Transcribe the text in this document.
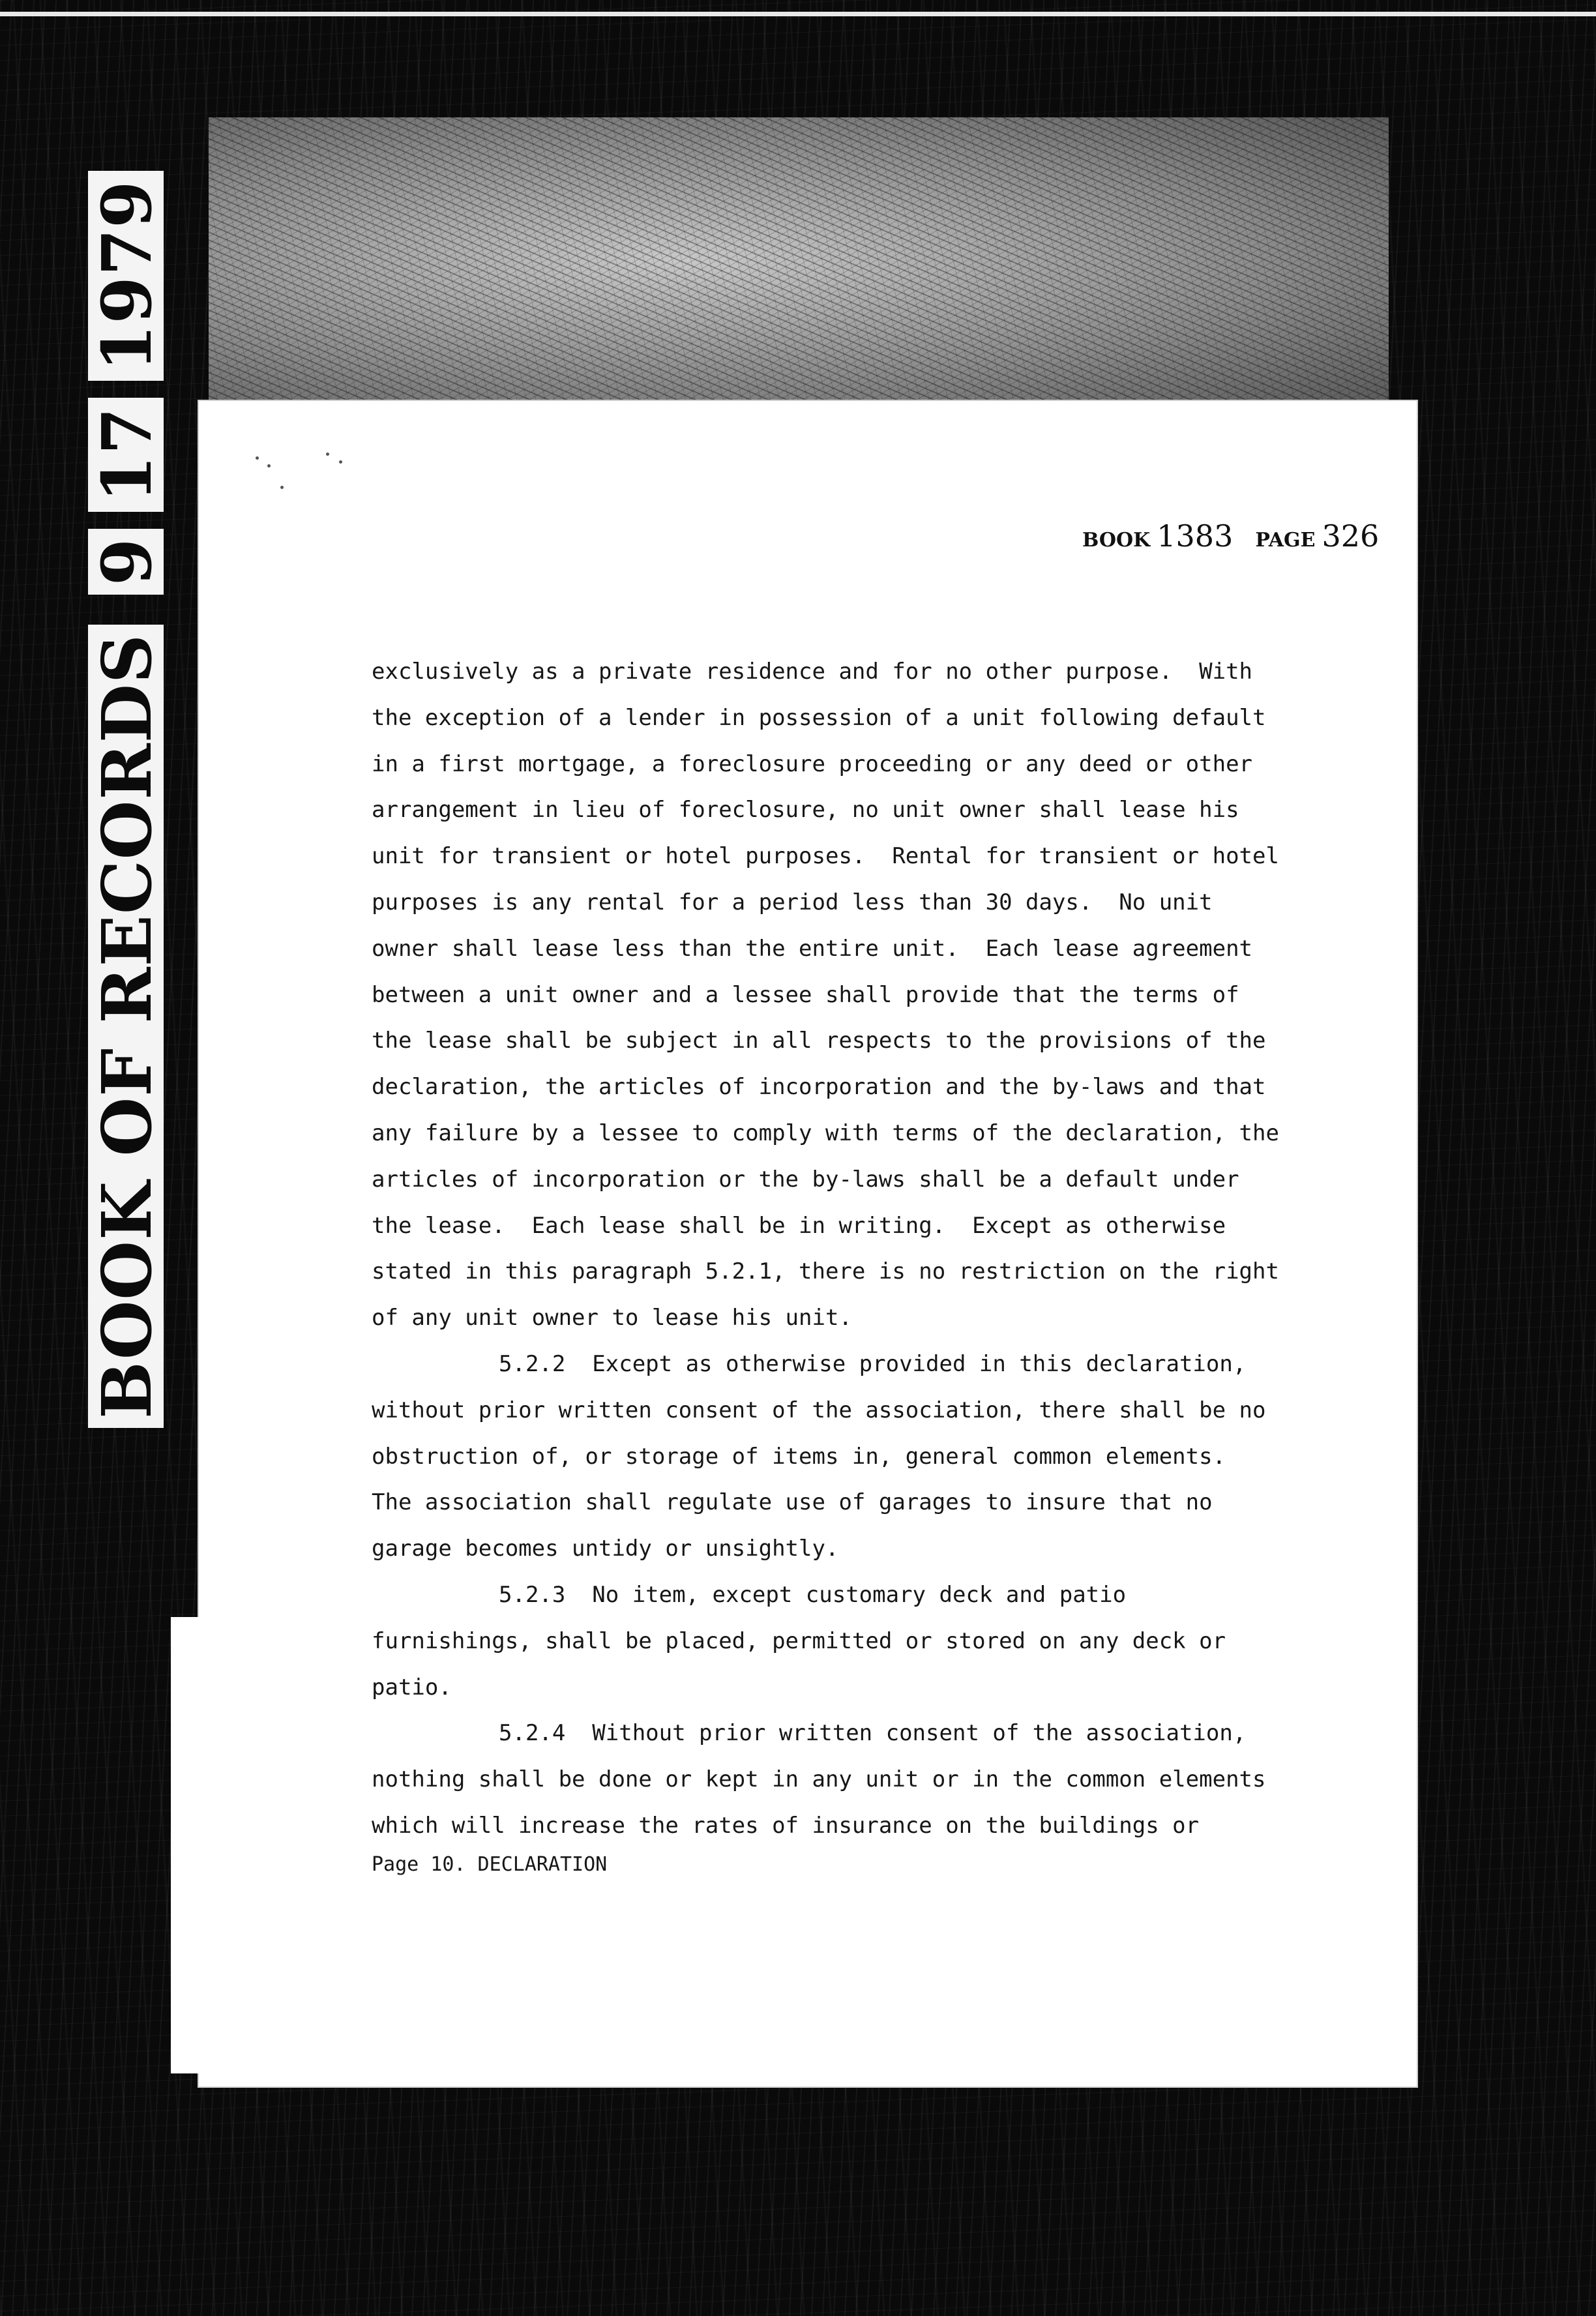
BOOK OF RECORDS
9
17
1979
BOOK 1383 PAGE 326
exclusively as a private residence and for no other purpose.  With
the exception of a lender in possession of a unit following default
in a first mortgage, a foreclosure proceeding or any deed or other
arrangement in lieu of foreclosure, no unit owner shall lease his
unit for transient or hotel purposes.  Rental for transient or hotel
purposes is any rental for a period less than 30 days.  No unit
owner shall lease less than the entire unit.  Each lease agreement
between a unit owner and a lessee shall provide that the terms of
the lease shall be subject in all respects to the provisions of the
declaration, the articles of incorporation and the by-laws and that
any failure by a lessee to comply with terms of the declaration, the
articles of incorporation or the by-laws shall be a default under
the lease.  Each lease shall be in writing.  Except as otherwise
stated in this paragraph 5.2.1, there is no restriction on the right
of any unit owner to lease his unit.
5.2.2  Except as otherwise provided in this declaration,
without prior written consent of the association, there shall be no
obstruction of, or storage of items in, general common elements.
The association shall regulate use of garages to insure that no
garage becomes untidy or unsightly.
5.2.3  No item, except customary deck and patio
furnishings, shall be placed, permitted or stored on any deck or
patio.
5.2.4  Without prior written consent of the association,
nothing shall be done or kept in any unit or in the common elements
which will increase the rates of insurance on the buildings or
Page 10. DECLARATION
